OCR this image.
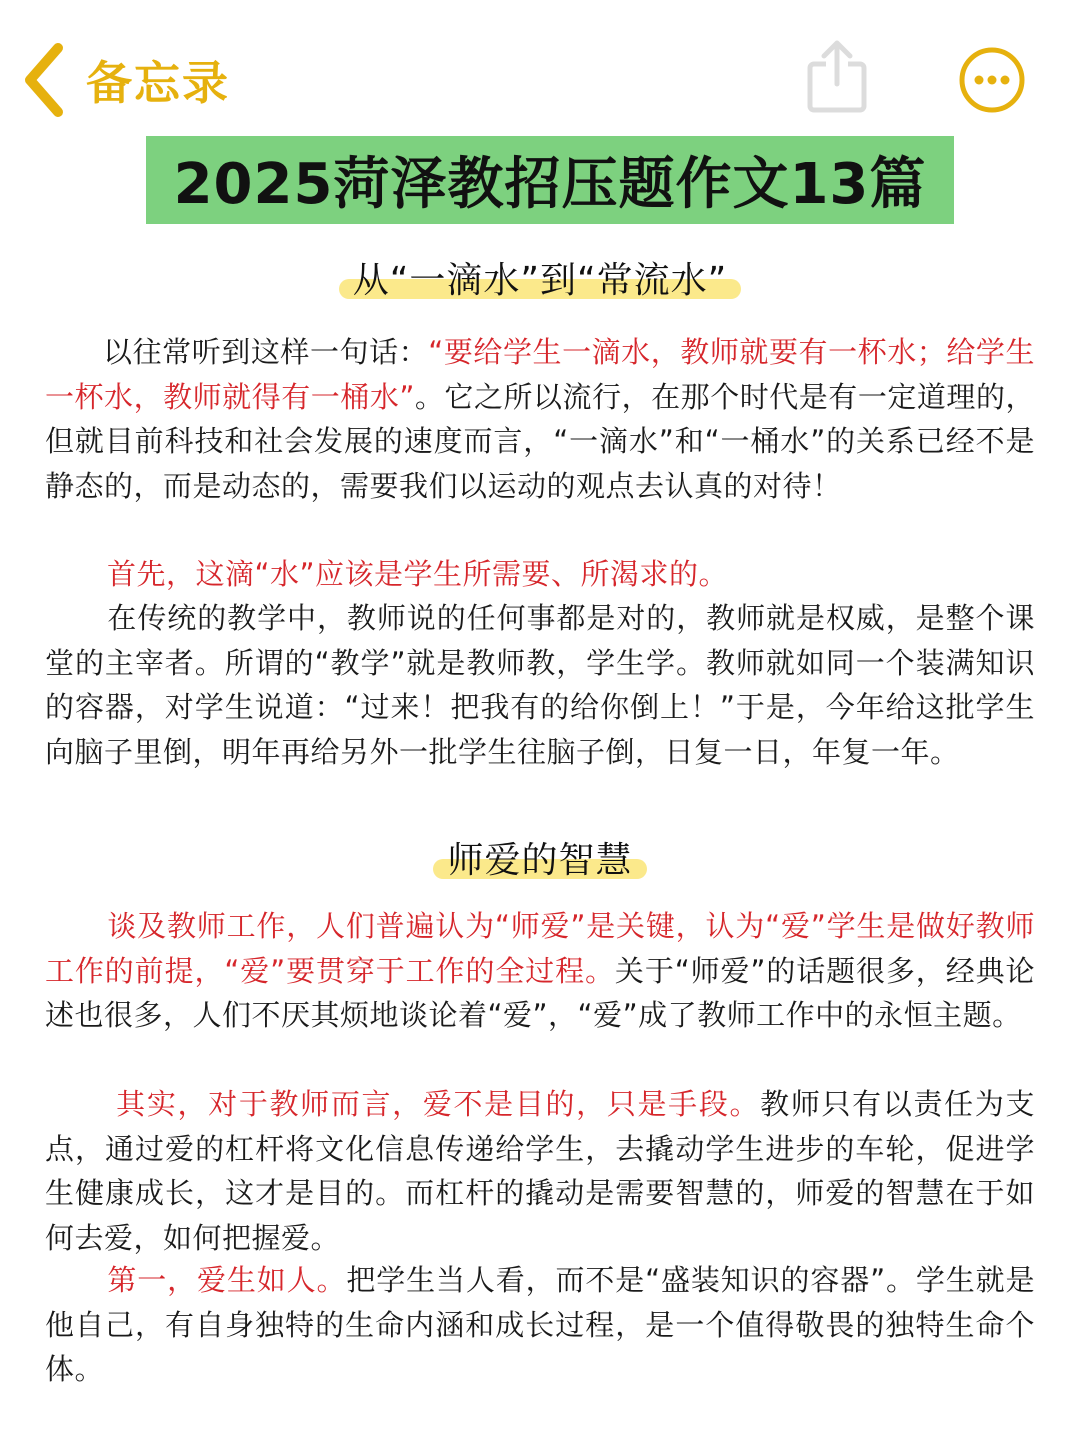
备忘录
2025菏泽教招压题作文13篇
从“一滴水”到“常流水”
以往常听到这样一句话：“要给学生一滴水，教师就要有一杯水；给学生一杯水，教师就得有一桶水”。它之所以流行，在那个时代是有一定道理的，但就目前科技和社会发展的速度而言，“一滴水”和“一桶水”的关系已经不是静态的，而是动态的，需要我们以运动的观点去认真的对待！
首先，这滴“水”应该是学生所需要、所渴求的。
在传统的教学中，教师说的任何事都是对的，教师就是权威，是整个课堂的主宰者。所谓的“教学”就是教师教，学生学。教师就如同一个装满知识的容器，对学生说道：“过来！把我有的给你倒上！”于是，今年给这批学生向脑子里倒，明年再给另外一批学生往脑子倒，日复一日，年复一年。
师爱的智慧
谈及教师工作，人们普遍认为“师爱”是关键，认为“爱”学生是做好教师工作的前提，“爱”要贯穿于工作的全过程。关于“师爱”的话题很多，经典论述也很多，人们不厌其烦地谈论着“爱”，“爱”成了教师工作中的永恒主题。
其实，对于教师而言，爱不是目的，只是手段。教师只有以责任为支点，通过爱的杠杆将文化信息传递给学生，去撬动学生进步的车轮，促进学生健康成长，这才是目的。而杠杆的撬动是需要智慧的，师爱的智慧在于如何去爱，如何把握爱。
第一，爱生如人。把学生当人看，而不是“盛装知识的容器”。学生就是他自己，有自身独特的生命内涵和成长过程，是一个值得敬畏的独特生命个体。
